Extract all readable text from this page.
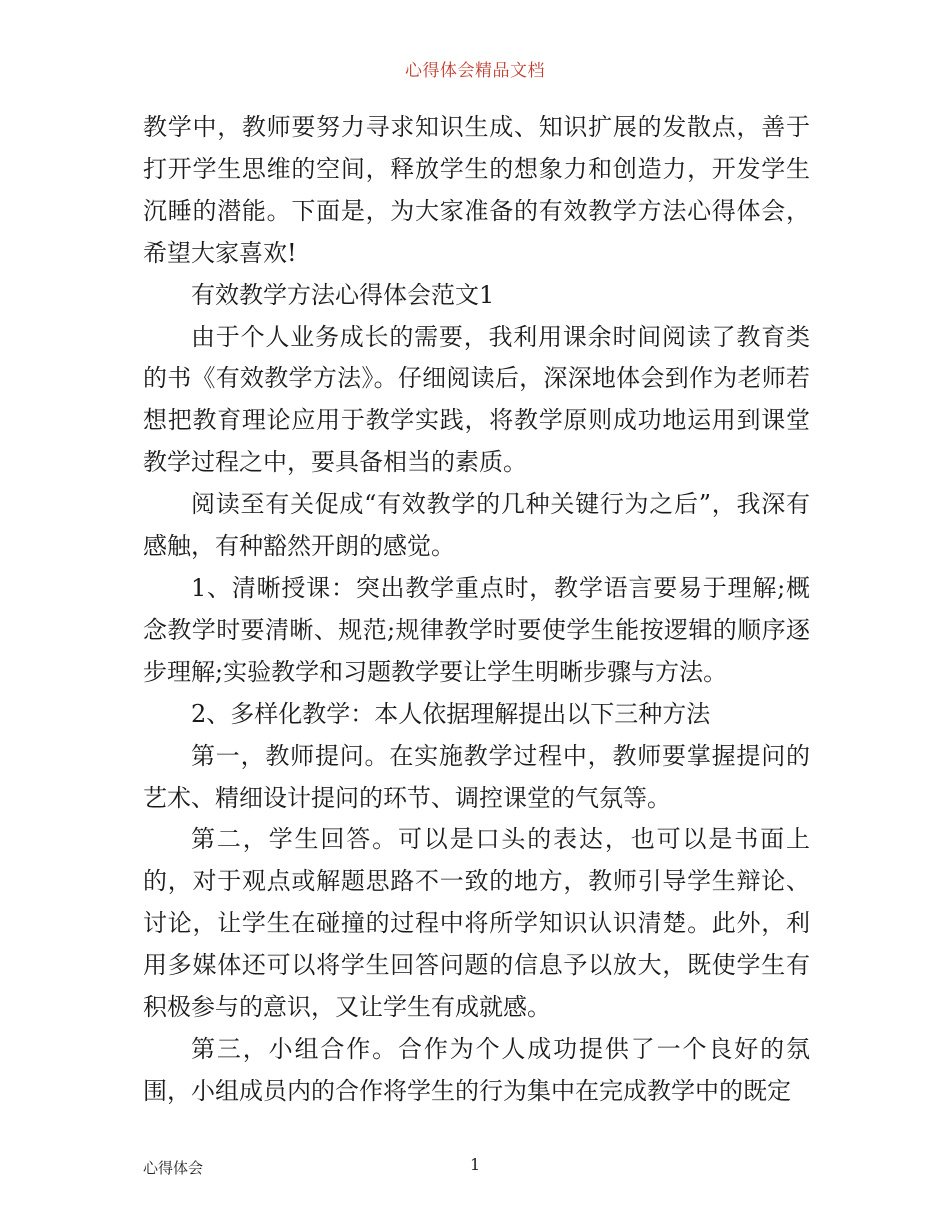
心得体会精品文档

教学中，教师要努力寻求知识生成、知识扩展的发散点，善于打开学生思维的空间，释放学生的想象力和创造力，开发学生沉睡的潜能。下面是，为大家准备的有效教学方法心得体会，希望大家喜欢!

有效教学方法心得体会范文1

由于个人业务成长的需要，我利用课余时间阅读了教育类的书《有效教学方法》。仔细阅读后，深深地体会到作为老师若想把教育理论应用于教学实践，将教学原则成功地运用到课堂教学过程之中，要具备相当的素质。

阅读至有关促成“有效教学的几种关键行为之后”，我深有感触，有种豁然开朗的感觉。

1、清晰授课：突出教学重点时，教学语言要易于理解;概念教学时要清晰、规范;规律教学时要使学生能按逻辑的顺序逐步理解;实验教学和习题教学要让学生明晰步骤与方法。

2、多样化教学：本人依据理解提出以下三种方法

第一，教师提问。在实施教学过程中，教师要掌握提问的艺术、精细设计提问的环节、调控课堂的气氛等。

第二，学生回答。可以是口头的表达，也可以是书面上的，对于观点或解题思路不一致的地方，教师引导学生辩论、讨论，让学生在碰撞的过程中将所学知识认识清楚。此外，利用多媒体还可以将学生回答问题的信息予以放大，既使学生有积极参与的意识，又让学生有成就感。

第三，小组合作。合作为个人成功提供了一个良好的氛围，小组成员内的合作将学生的行为集中在完成教学中的既定

心得体会	1
